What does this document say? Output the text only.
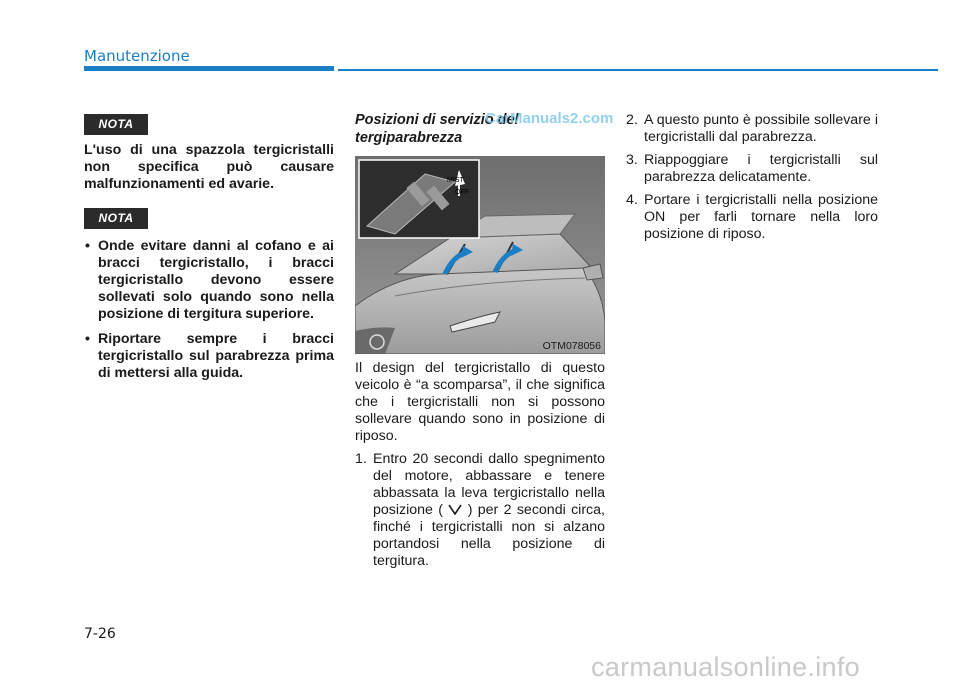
Manutenzione
NOTA
L'uso di una spazzola tergicristalli non specifica può causare malfunzionamenti ed avarie.
NOTA
• Onde evitare danni al cofano e ai bracci tergicristallo, i bracci tergicristallo devono essere sollevati solo quando sono nella posizione di tergitura superiore.
• Riportare sempre i bracci tergicristallo sul parabrezza prima di mettersi alla guida.
Posizioni di servizio del tergiparabrezza
MIST
OFF
OTM078056

Il design del tergicristallo di questo veicolo è “a scomparsa”, il che significa che i tergicristalli non si possono sollevare quando sono in posizione di riposo.

1. Entro 20 secondi dallo spegnimento del motore, abbassare e tenere abbassata la leva tergicristallo nella posizione ( ) per 2 secondi circa, finché i tergicristalli non si alzano portandosi nella posizione di tergitura.
2. A questo punto è possibile sollevare i tergicristalli dal parabrezza.
3. Riappoggiare i tergicristalli sul parabrezza delicatamente.
4. Portare i tergicristalli nella posizione ON per farli tornare nella loro posizione di riposo.
7-26
CarManuals2.com
carmanualsonline.info
